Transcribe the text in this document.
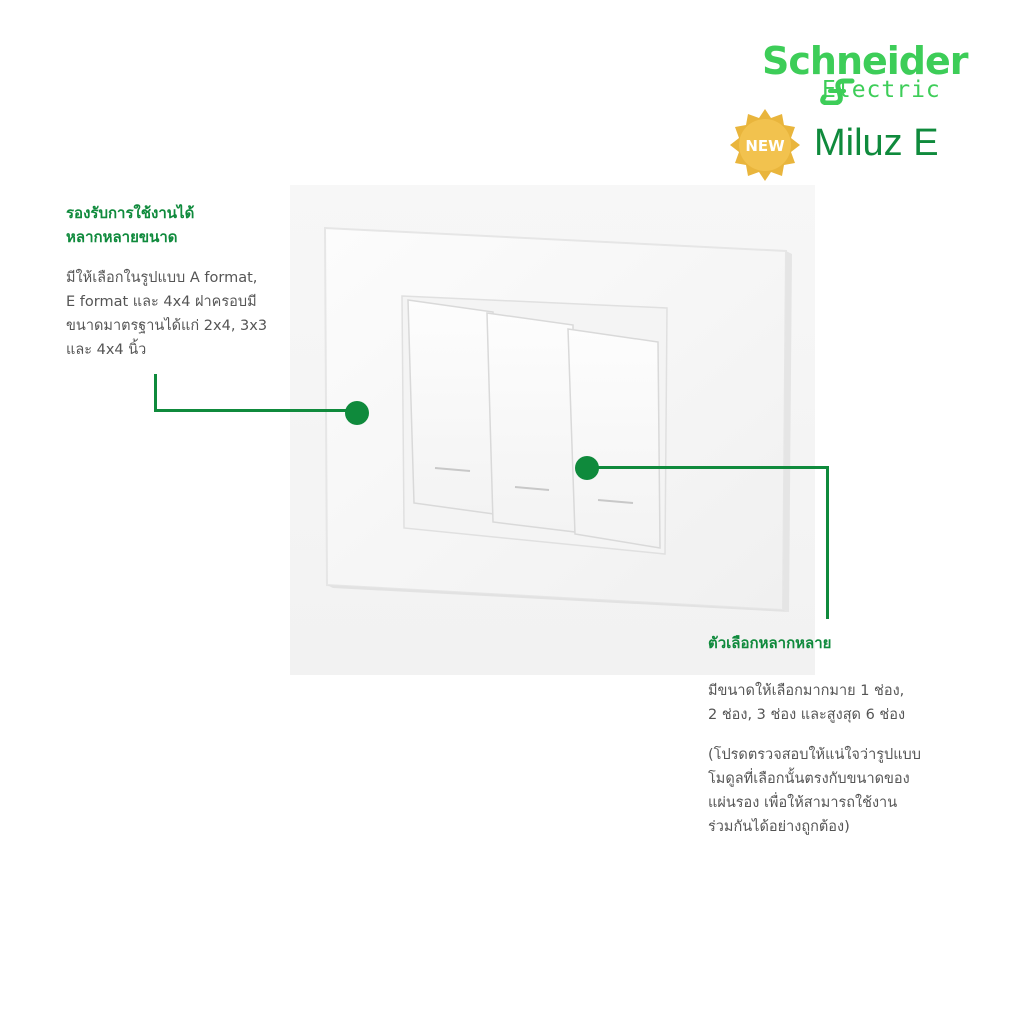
Schneider
Electric
NEW Miluz E

รองรับการใช้งานได้

หลากหลายขนาด

มีให้เลือกในรูปแบบ A format,

E format และ 4x4 ฝาครอบมี

ขนาดมาตรฐานได้แก่ 2x4, 3x3

และ 4x4 นิ้ว

ตัวเลือกหลากหลาย

มีขนาดให้เลือกมากมาย 1 ช่อง,

2 ช่อง, 3 ช่อง และสูงสุด 6 ช่อง

(โปรดตรวจสอบให้แน่ใจว่ารูปแบบ

โมดูลที่เลือกนั้นตรงกับขนาดของ

แผ่นรอง เพื่อให้สามารถใช้งาน

ร่วมกันได้อย่างถูกต้อง)
